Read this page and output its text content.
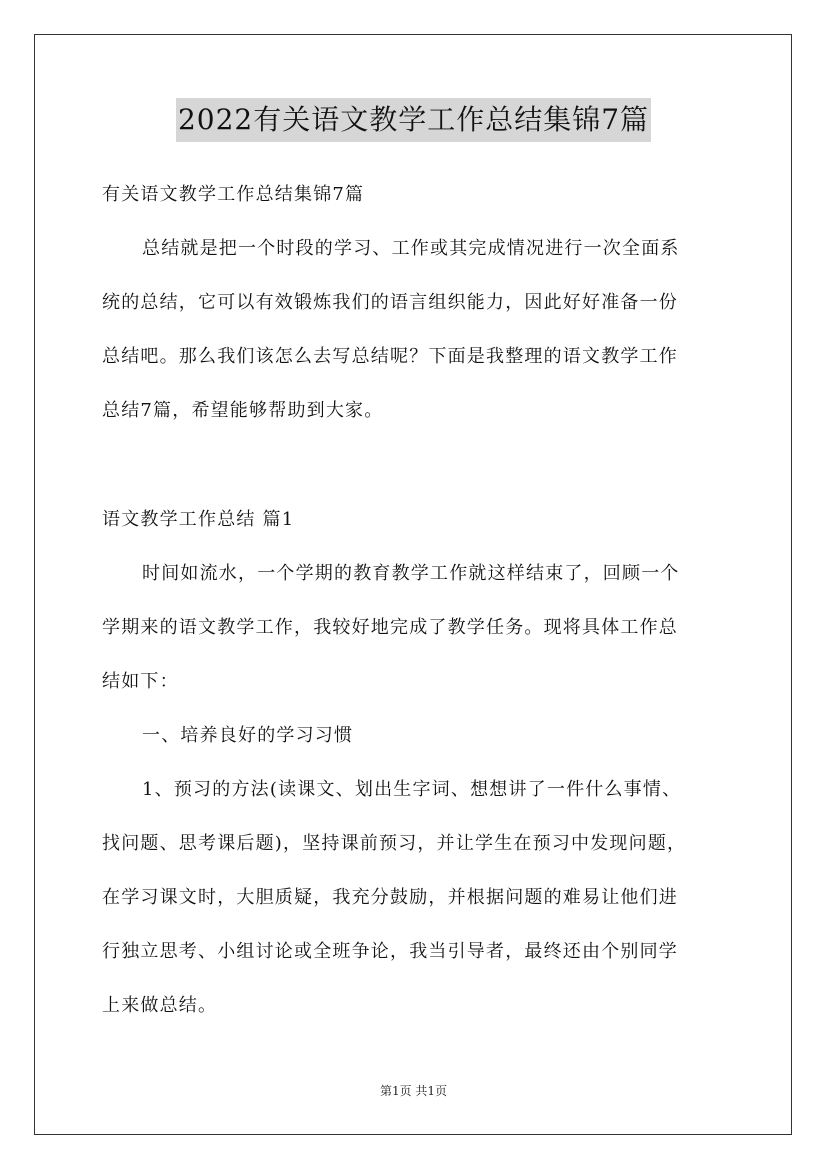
2022有关语文教学工作总结集锦7篇
有关语文教学工作总结集锦7篇
总结就是把一个时段的学习、工作或其完成情况进行一次全面系
统的总结，它可以有效锻炼我们的语言组织能力，因此好好准备一份
总结吧。那么我们该怎么去写总结呢？下面是我整理的语文教学工作
总结7篇，希望能够帮助到大家。
语文教学工作总结 篇1
时间如流水，一个学期的教育教学工作就这样结束了，回顾一个
学期来的语文教学工作，我较好地完成了教学任务。现将具体工作总
结如下：
一、培养良好的学习习惯
1、预习的方法(读课文、划出生字词、想想讲了一件什么事情、
找问题、思考课后题)，坚持课前预习，并让学生在预习中发现问题，
在学习课文时，大胆质疑，我充分鼓励，并根据问题的难易让他们进
行独立思考、小组讨论或全班争论，我当引导者，最终还由个别同学
上来做总结。
第1页 共1页
